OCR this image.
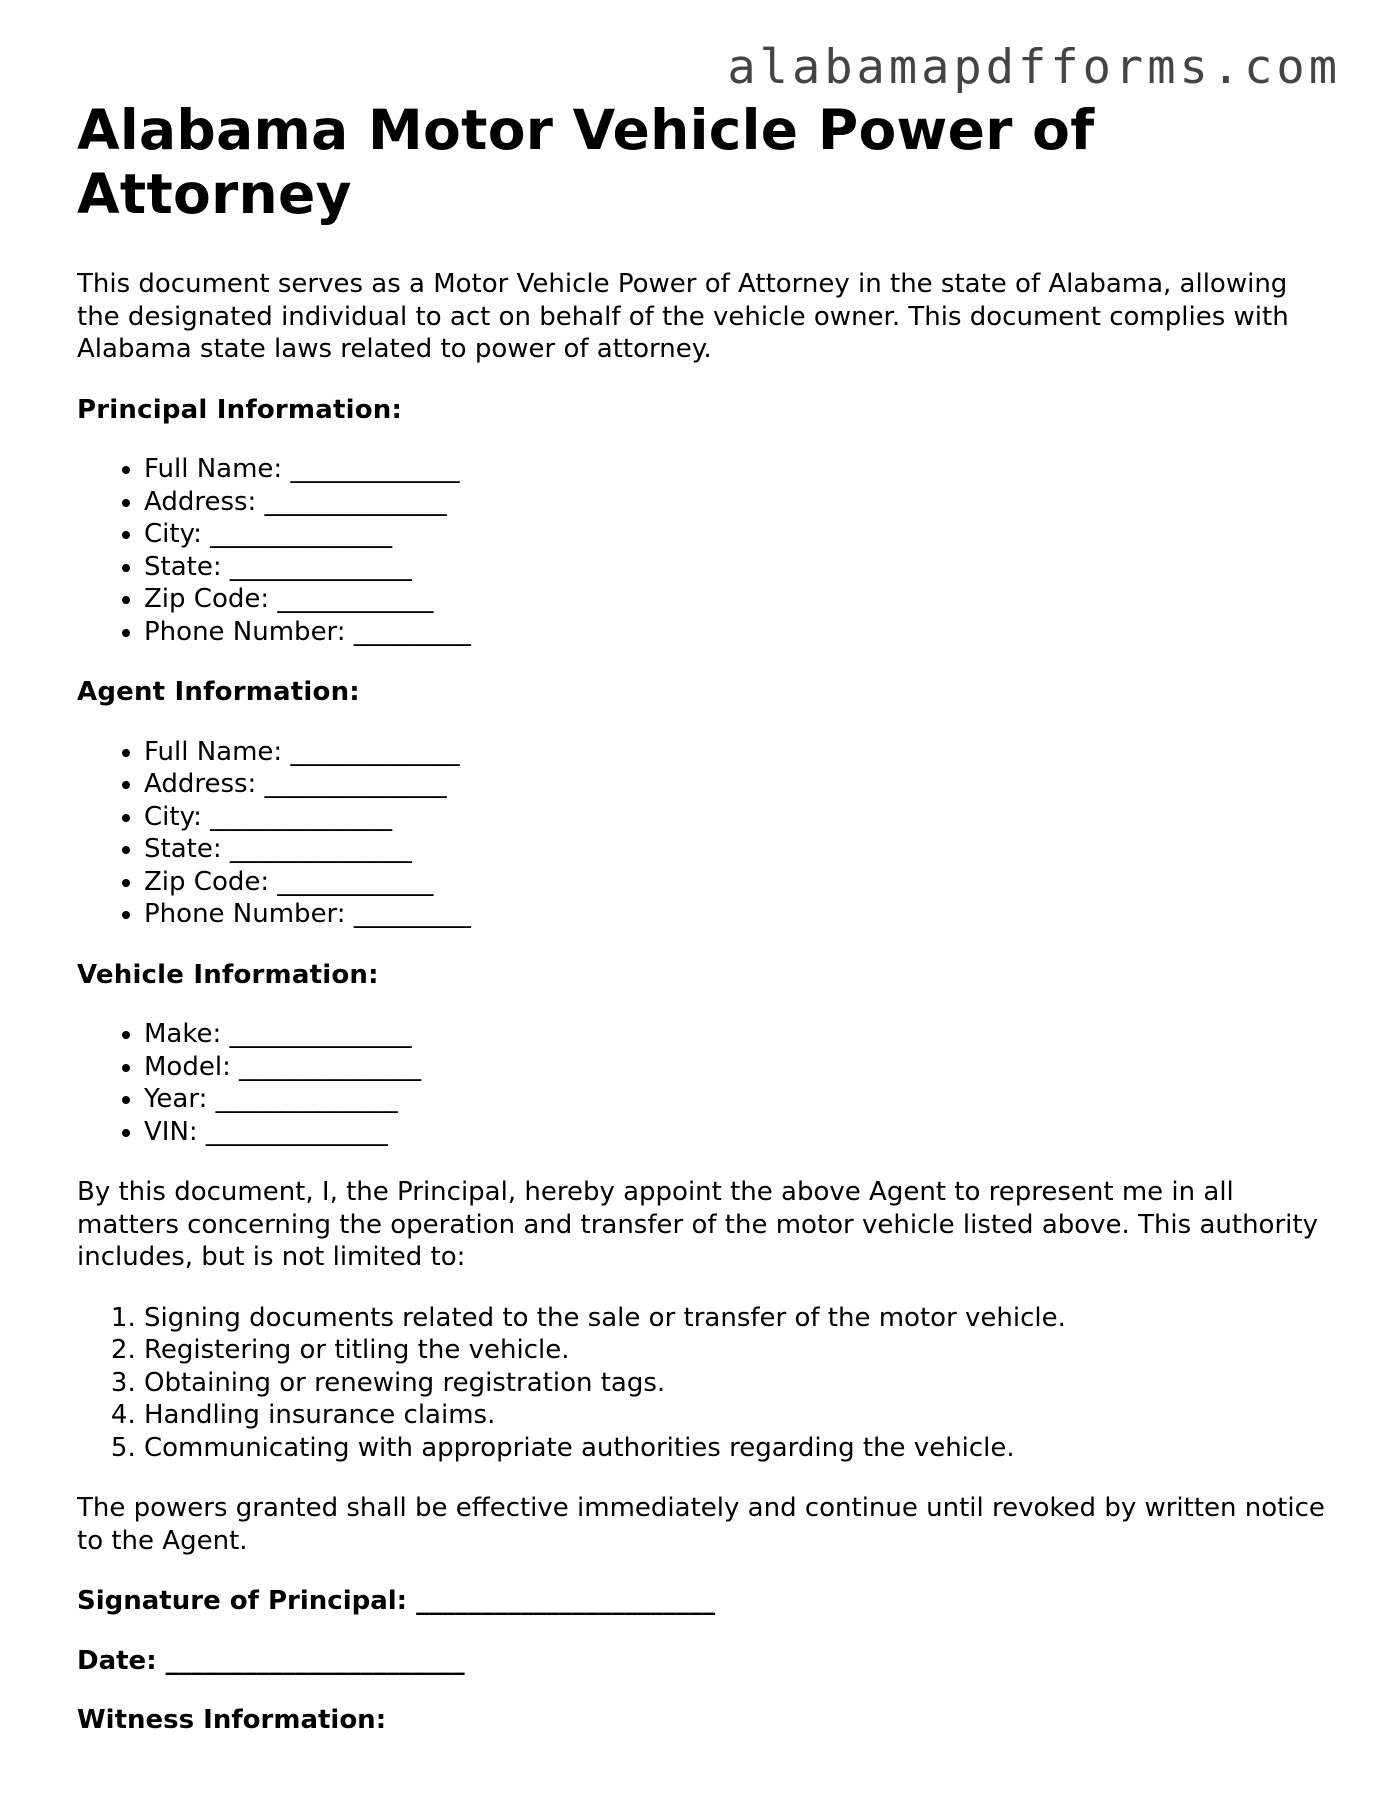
alabamapdfforms.com
Alabama Motor Vehicle Power of Attorney

This document serves as a Motor Vehicle Power of Attorney in the state of Alabama, allowing the designated individual to act on behalf of the vehicle owner. This document complies with Alabama state laws related to power of attorney.

Principal Information:
• Full Name: _____________
• Address: ______________
• City: ______________
• State: ______________
• Zip Code: ____________
• Phone Number: _________
Agent Information:
• Full Name: _____________
• Address: ______________
• City: ______________
• State: ______________
• Zip Code: ____________
• Phone Number: _________
Vehicle Information:
• Make: ______________
• Model: ______________
• Year: ______________
• VIN: ______________

By this document, I, the Principal, hereby appoint the above Agent to represent me in all matters concerning the operation and transfer of the motor vehicle listed above. This authority includes, but is not limited to:

1. Signing documents related to the sale or transfer of the motor vehicle.
2. Registering or titling the vehicle.
3. Obtaining or renewing registration tags.
4. Handling insurance claims.
5. Communicating with appropriate authorities regarding the vehicle.

The powers granted shall be effective immediately and continue until revoked by written notice to the Agent.

Signature of Principal: _______________________
Date: _______________________
Witness Information:
